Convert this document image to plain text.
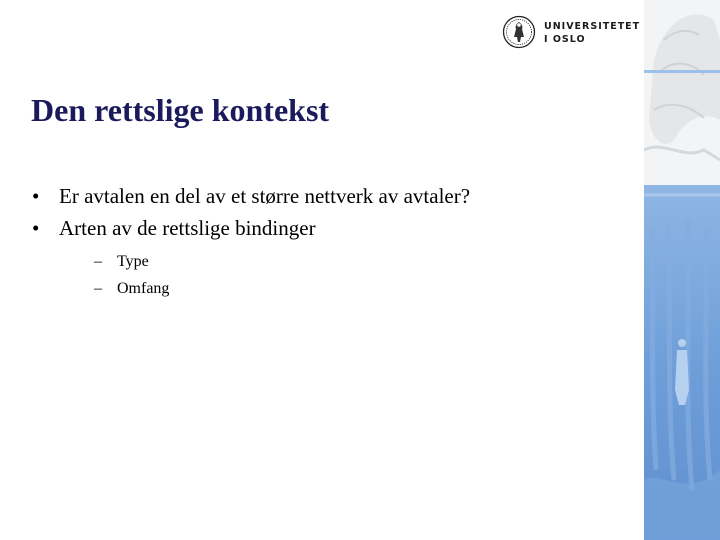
UNIVERSITETET
I OSLO
Den rettslige kontekst
• Er avtalen en del av et større nettverk av avtaler?
• Arten av de rettslige bindinger
– Type
– Omfang
